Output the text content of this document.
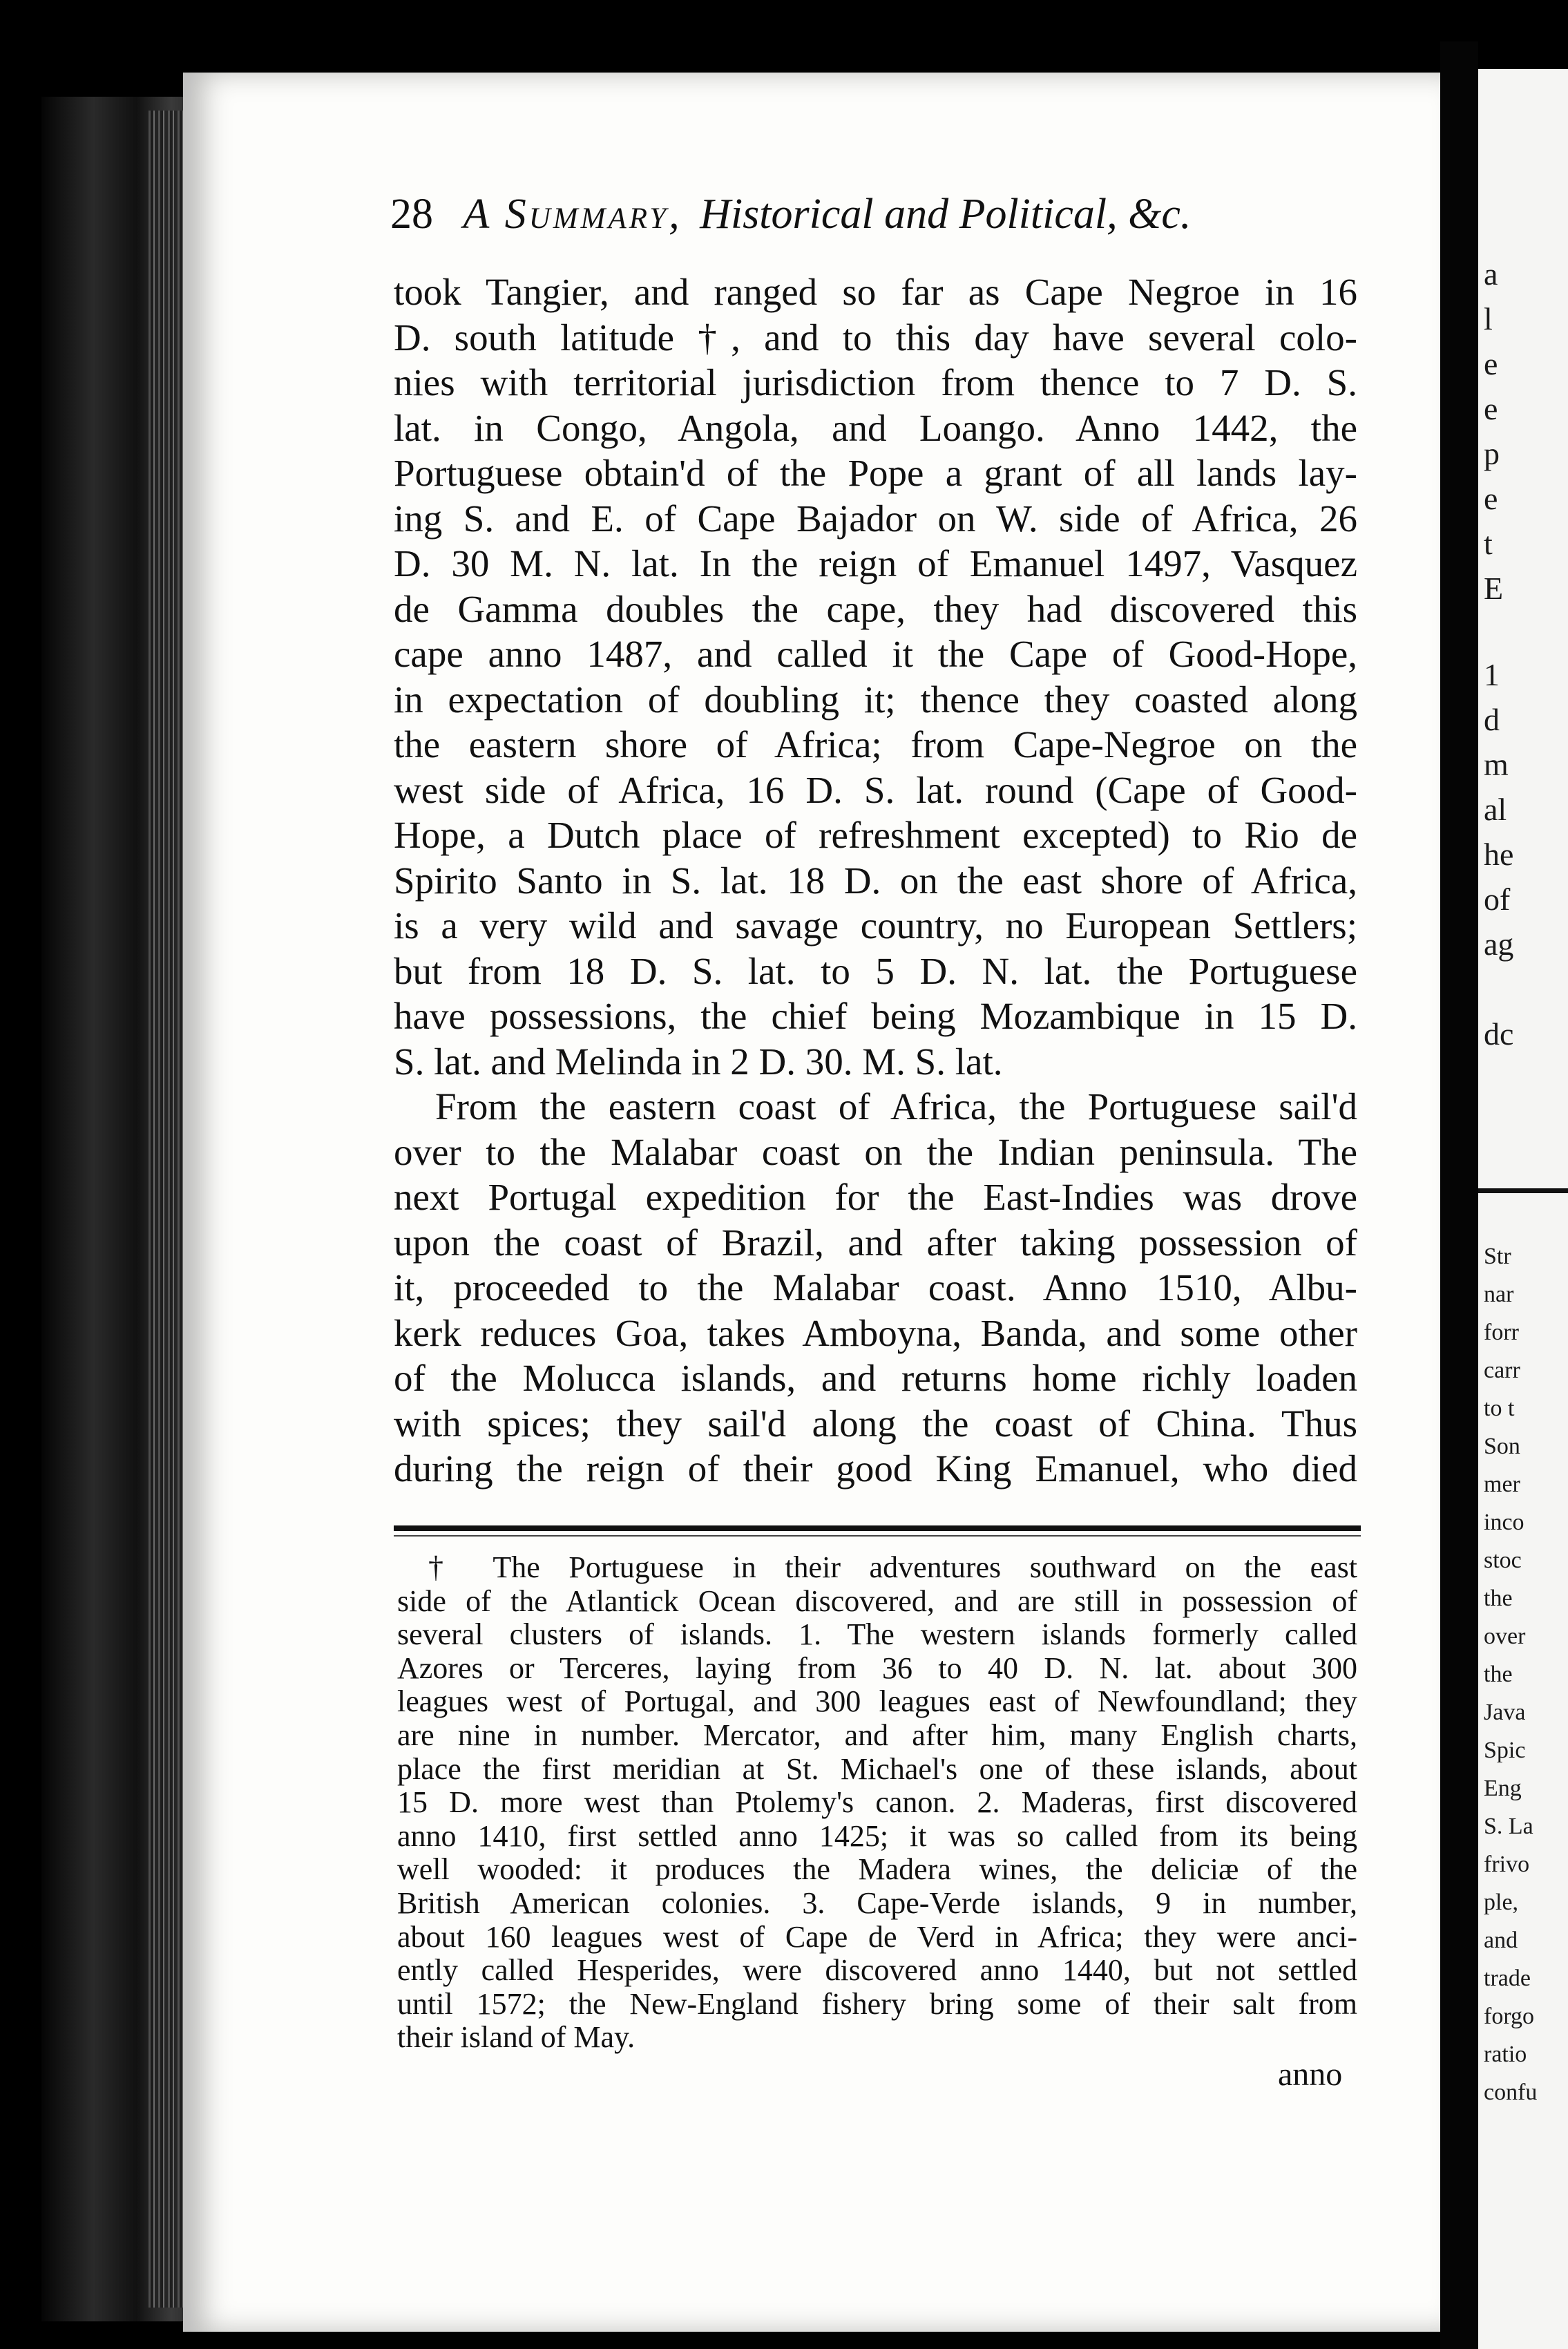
a
l
e
e
p
e
t
E
1
d
m
al
he
of
ag
dc
Str
nar
forr
carr
to t
Son
mer
inco
stoc
the
over
the
Java
Spic
Eng
S. La
frivo
ple,
and
trade
forgo
ratio
confu
28 A Summary, Historical and Political, &c.
took Tangier, and ranged so far as Cape Negroe in 16
D. south latitude †, and to this day have several colo-
nies with territorial jurisdiction from thence to 7 D. S.
lat. in Congo, Angola, and Loango. Anno 1442, the
Portuguese obtain'd of the Pope a grant of all lands lay-
ing S. and E. of Cape Bajador on W. side of Africa, 26
D. 30 M. N. lat. In the reign of Emanuel 1497, Vasquez
de Gamma doubles the cape, they had discovered this
cape anno 1487, and called it the Cape of Good-Hope,
in expectation of doubling it; thence they coasted along
the eastern shore of Africa; from Cape-Negroe on the
west side of Africa, 16 D. S. lat. round (Cape of Good-
Hope, a Dutch place of refreshment excepted) to Rio de
Spirito Santo in S. lat. 18 D. on the east shore of Africa,
is a very wild and savage country, no European Settlers;
but from 18 D. S. lat. to 5 D. N. lat. the Portuguese
have possessions, the chief being Mozambique in 15 D.
S. lat. and Melinda in 2 D. 30. M. S. lat.
From the eastern coast of Africa, the Portuguese sail'd
over to the Malabar coast on the Indian peninsula. The
next Portugal expedition for the East-Indies was drove
upon the coast of Brazil, and after taking possession of
it, proceeded to the Malabar coast. Anno 1510, Albu-
kerk reduces Goa, takes Amboyna, Banda, and some other
of the Molucca islands, and returns home richly loaden
with spices; they sail'd along the coast of China. Thus
during the reign of their good King Emanuel, who died
† The Portuguese in their adventures southward on the east
side of the Atlantick Ocean discovered, and are still in possession of
several clusters of islands. 1. The western islands formerly called
Azores or Terceres, laying from 36 to 40 D. N. lat. about 300
leagues west of Portugal, and 300 leagues east of Newfoundland; they
are nine in number. Mercator, and after him, many English charts,
place the first meridian at St. Michael's one of these islands, about
15 D. more west than Ptolemy's canon. 2. Maderas, first discovered
anno 1410, first settled anno 1425; it was so called from its being
well wooded: it produces the Madera wines, the deliciæ of the
British American colonies. 3. Cape-Verde islands, 9 in number,
about 160 leagues west of Cape de Verd in Africa; they were anci-
ently called Hesperides, were discovered anno 1440, but not settled
until 1572; the New-England fishery bring some of their salt from
their island of May.
anno
